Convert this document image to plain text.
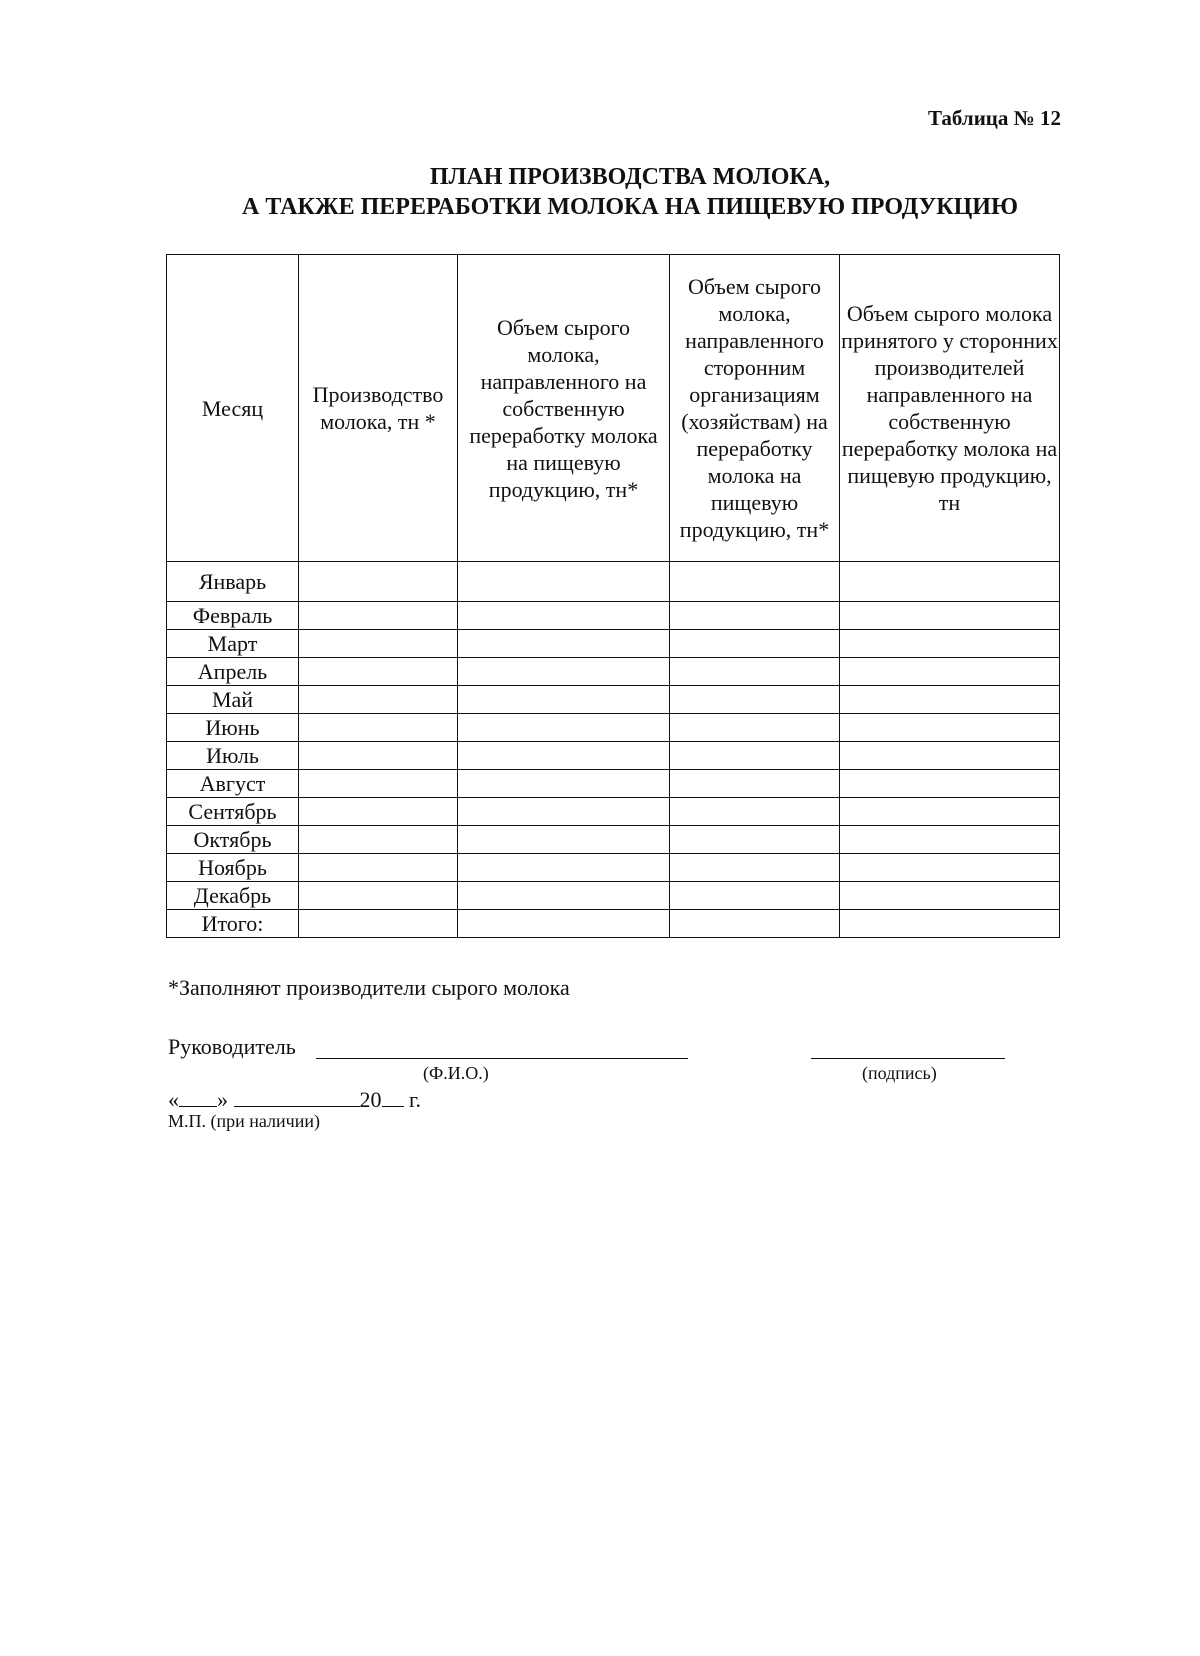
Таблица № 12
ПЛАН ПРОИЗВОДСТВА МОЛОКА,
А ТАКЖЕ ПЕРЕРАБОТКИ МОЛОКА НА ПИЩЕВУЮ ПРОДУКЦИЮ
Месяц	Производство молока, тн *	Объем сырого молока, направленного на собственную переработку молока на пищевую продукцию, тн*	Объем сырого молока, направленного сторонним организациям (хозяйствам) на переработку молока на пищевую продукцию, тн*	Объем сырого молока принятого у сторонних производителей направленного на собственную переработку молока на пищевую продукцию, тн
Январь				
Февраль				
Март				
Апрель				
Май				
Июнь				
Июль				
Август				
Сентябрь				
Октябрь				
Ноябрь				
Декабрь				
Итого:				
*Заполняют производители сырого молока
Руководитель
(Ф.И.О.)	(подпись)
« »	20 г.
М.П. (при наличии)
